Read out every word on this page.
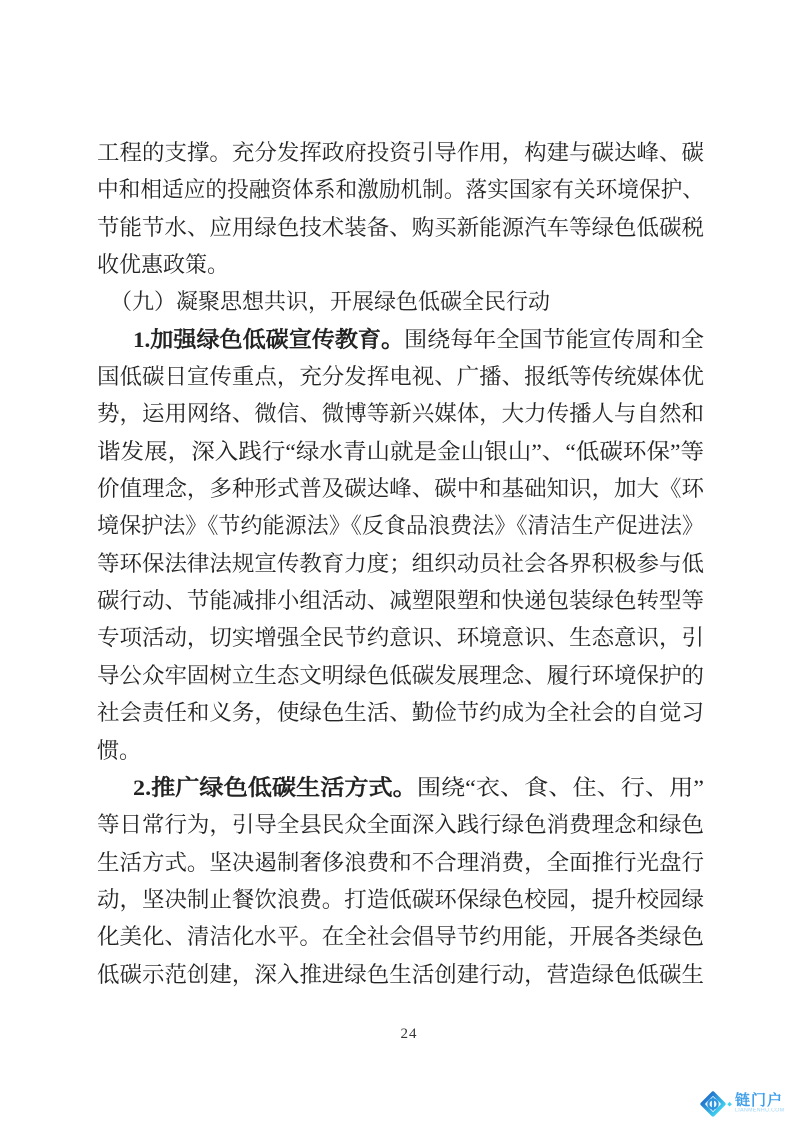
工程的支撑。充分发挥政府投资引导作用，构建与碳达峰、碳
中和相适应的投融资体系和激励机制。落实国家有关环境保护、
节能节水、应用绿色技术装备、购买新能源汽车等绿色低碳税
收优惠政策。
（九）凝聚思想共识，开展绿色低碳全民行动
1.加强绿色低碳宣传教育。围绕每年全国节能宣传周和全
国低碳日宣传重点，充分发挥电视、广播、报纸等传统媒体优
势，运用网络、微信、微博等新兴媒体，大力传播人与自然和
谐发展，深入践行“绿水青山就是金山银山”、“低碳环保”等
价值理念，多种形式普及碳达峰、碳中和基础知识，加大《环
境保护法》《节约能源法》《反食品浪费法》《清洁生产促进法》
等环保法律法规宣传教育力度；组织动员社会各界积极参与低
碳行动、节能减排小组活动、减塑限塑和快递包装绿色转型等
专项活动，切实增强全民节约意识、环境意识、生态意识，引
导公众牢固树立生态文明绿色低碳发展理念、履行环境保护的
社会责任和义务，使绿色生活、勤俭节约成为全社会的自觉习
惯。
2.推广绿色低碳生活方式。围绕“衣、食、住、行、用”
等日常行为，引导全县民众全面深入践行绿色消费理念和绿色
生活方式。坚决遏制奢侈浪费和不合理消费，全面推行光盘行
动，坚决制止餐饮浪费。打造低碳环保绿色校园，提升校园绿
化美化、清洁化水平。在全社会倡导节约用能，开展各类绿色
低碳示范创建，深入推进绿色生活创建行动，营造绿色低碳生
24
链门户
LIANMENHU.COM
